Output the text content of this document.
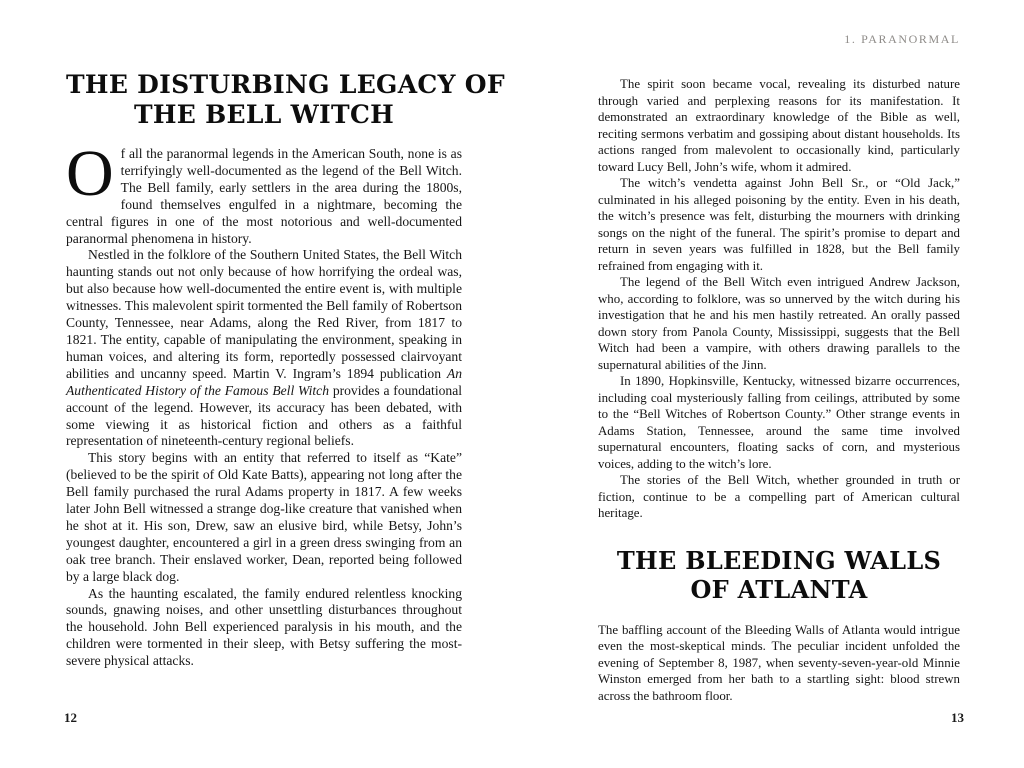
THE DISTURBING LEGACY OF
THE BELL WITCH

Of all the paranormal legends in the American South, none is as terrifyingly well-documented as the legend of the Bell Witch. The Bell family, early settlers in the area during the 1800s, found themselves engulfed in a nightmare, becoming the central figures in one of the most notorious and well-documented paranormal phenomena in history.

Nestled in the folklore of the Southern United States, the Bell Witch haunting stands out not only because of how horrifying the ordeal was, but also because how well-documented the entire event is, with multiple witnesses. This malevolent spirit tormented the Bell family of Robertson County, Tennessee, near Adams, along the Red River, from 1817 to 1821. The entity, capable of manipulating the environment, speaking in human voices, and altering its form, reportedly possessed clairvoyant abilities and uncanny speed. Martin V. Ingram’s 1894 publication An Authenticated History of the Famous Bell Witch provides a foundational account of the legend. However, its accuracy has been debated, with some viewing it as historical fiction and others as a faithful representation of nineteenth-century regional beliefs.

This story begins with an entity that referred to itself as “Kate” (believed to be the spirit of Old Kate Batts), appearing not long after the Bell family purchased the rural Adams property in 1817. A few weeks later John Bell witnessed a strange dog-like creature that vanished when he shot at it. His son, Drew, saw an elusive bird, while Betsy, John’s youngest daughter, encountered a girl in a green dress swinging from an oak tree branch. Their enslaved worker, Dean, reported being followed by a large black dog.

As the haunting escalated, the family endured relentless knocking sounds, gnawing noises, and other unsettling disturbances throughout the household. John Bell experienced paralysis in his mouth, and the children were tormented in their sleep, with Betsy suffering the most-severe physical attacks.

1. PARANORMAL

The spirit soon became vocal, revealing its disturbed nature through varied and perplexing reasons for its manifestation. It demonstrated an extraordinary knowledge of the Bible as well, reciting sermons verbatim and gossiping about distant households. Its actions ranged from malevolent to occasionally kind, particularly toward Lucy Bell, John’s wife, whom it admired.

The witch’s vendetta against John Bell Sr., or “Old Jack,” culminated in his alleged poisoning by the entity. Even in his death, the witch’s presence was felt, disturbing the mourners with drinking songs on the night of the funeral. The spirit’s promise to depart and return in seven years was fulfilled in 1828, but the Bell family refrained from engaging with it.

The legend of the Bell Witch even intrigued Andrew Jackson, who, according to folklore, was so unnerved by the witch during his investigation that he and his men hastily retreated. An orally passed down story from Panola County, Mississippi, suggests that the Bell Witch had been a vampire, with others drawing parallels to the supernatural abilities of the Jinn.

In 1890, Hopkinsville, Kentucky, witnessed bizarre occurrences, including coal mysteriously falling from ceilings, attributed by some to the “Bell Witches of Robertson County.” Other strange events in Adams Station, Tennessee, around the same time involved supernatural encounters, floating sacks of corn, and mysterious voices, adding to the witch’s lore.

The stories of the Bell Witch, whether grounded in truth or fiction, continue to be a compelling part of American cultural heritage.

THE BLEEDING WALLS
OF ATLANTA

The baffling account of the Bleeding Walls of Atlanta would intrigue even the most-skeptical minds. The peculiar incident unfolded the evening of September 8, 1987, when seventy-seven-year-old Minnie Winston emerged from her bath to a startling sight: blood strewn across the bathroom floor.

12	13
